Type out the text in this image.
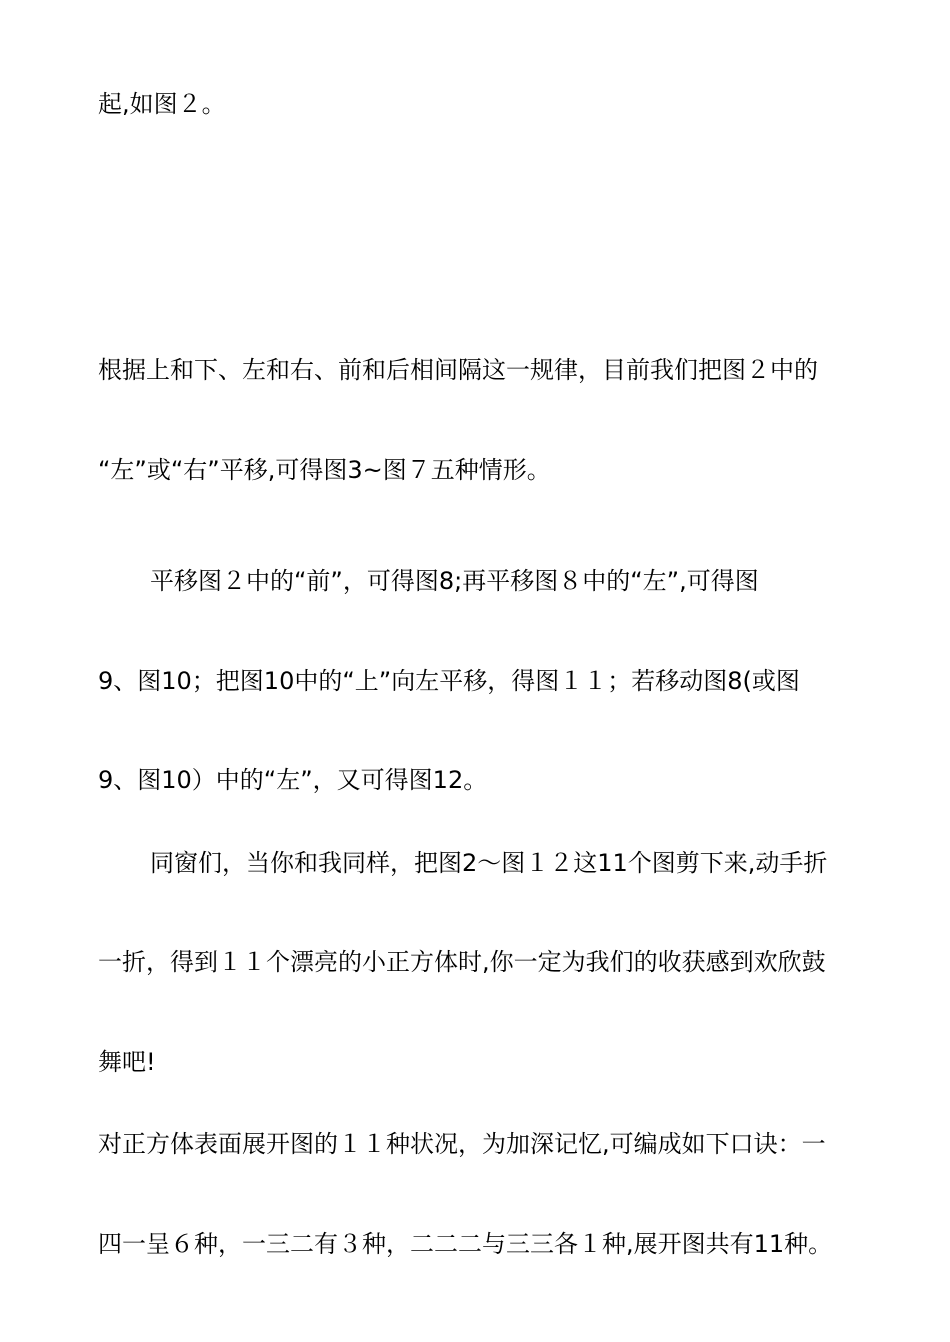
起,如图２。
根据上和下、左和右、前和后相间隔这一规律，目前我们把图２中的
“左”或“右”平移,可得图3~图７五种情形。
平移图２中的“前”，可得图8;再平移图８中的“左”,可得图
9、图10；把图10中的“上”向左平移，得图１１；若移动图8(或图
9、图10）中的“左”，又可得图12。
同窗们，当你和我同样，把图2～图１２这11个图剪下来,动手折
一折，得到１１个漂亮的小正方体时,你一定为我们的收获感到欢欣鼓
舞吧!
对正方体表面展开图的１１种状况，为加深记忆,可编成如下口诀：一
四一呈６种，一三二有３种，二二二与三三各１种,展开图共有11种。
